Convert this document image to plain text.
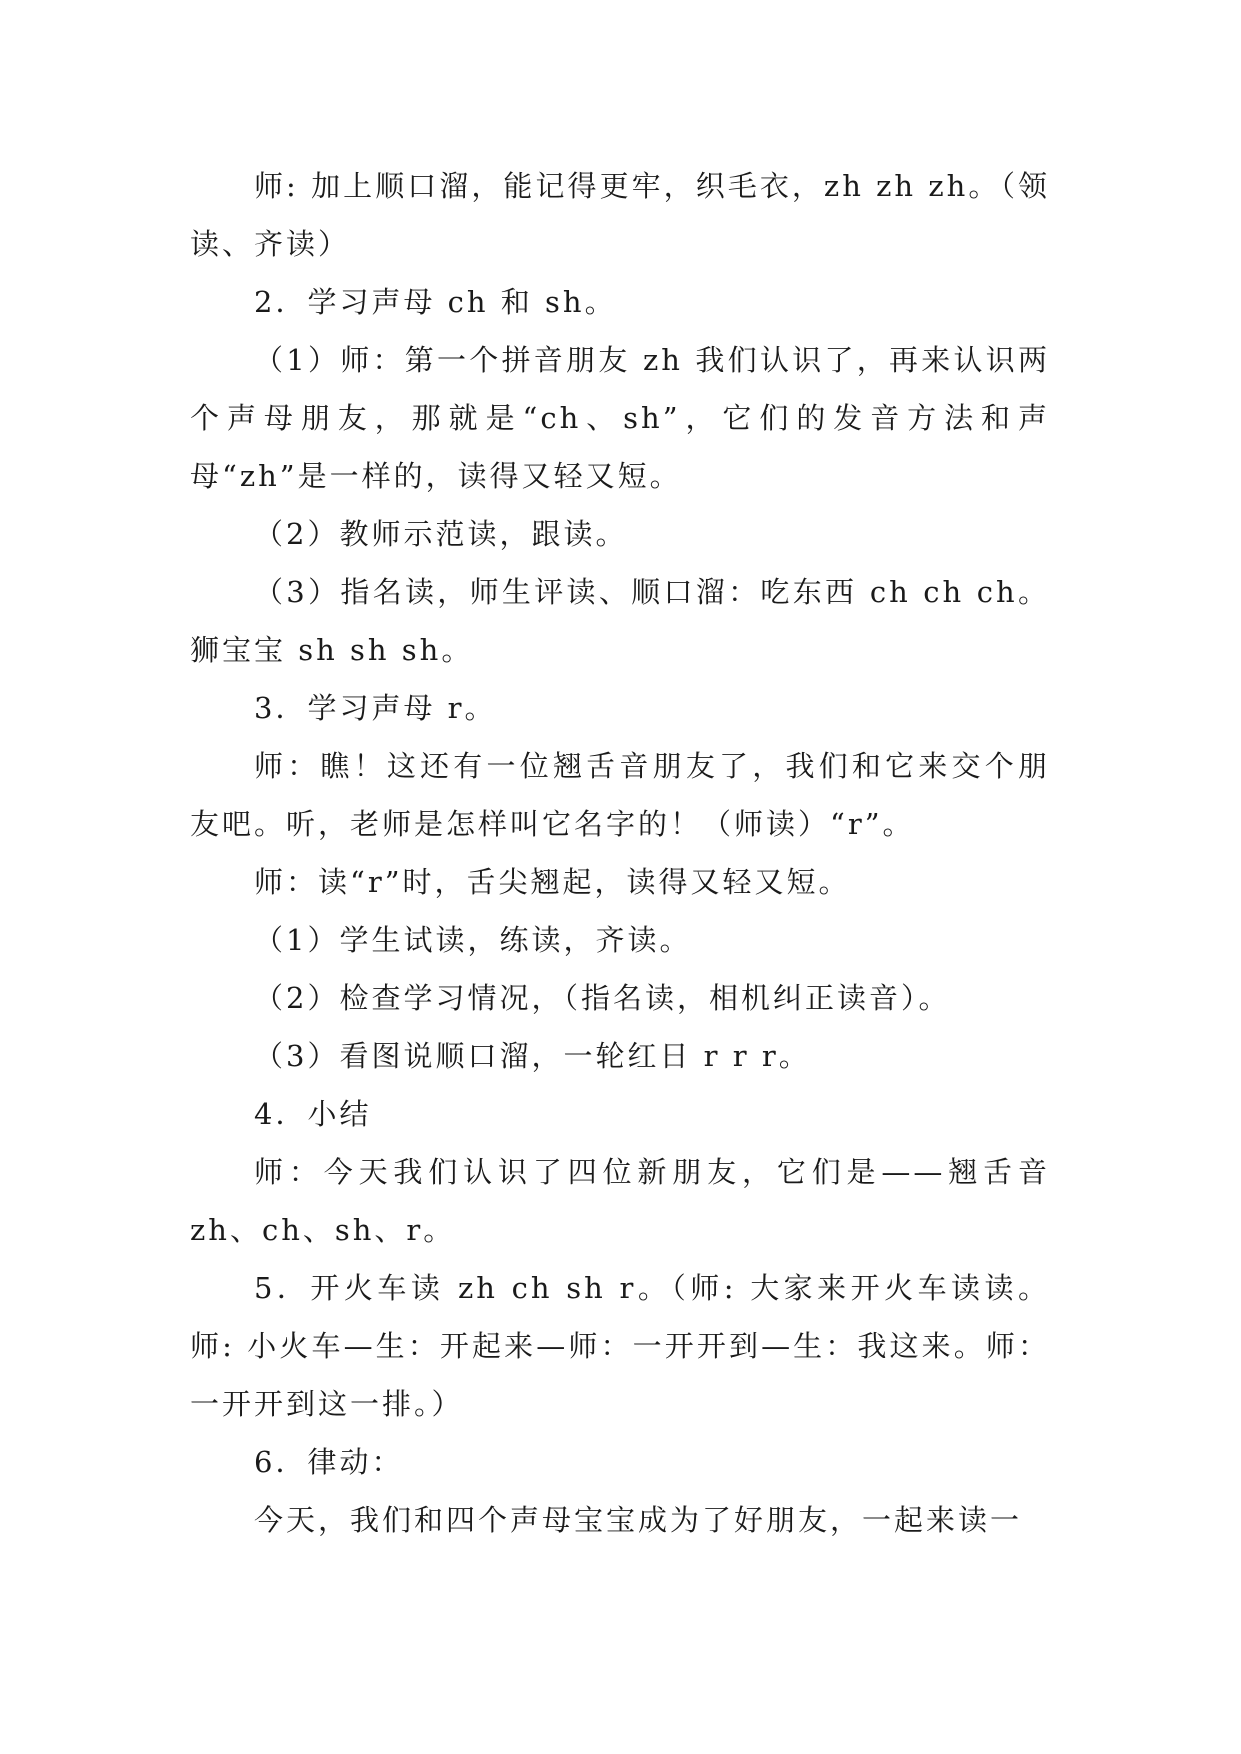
师: 加上顺口溜，能记得更牢，织毛衣，zh zh zh。（领读、齐读）

2．学习声母 ch 和 sh。

（1）师：第一个拼音朋友 zh 我们认识了，再来认识两个声母朋友，那就是“ch、sh”，它们的发音方法和声母“zh”是一样的，读得又轻又短。

（2）教师示范读，跟读。

（3）指名读，师生评读、顺口溜：吃东西 ch ch ch。狮宝宝 sh sh sh。

3．学习声母 r。

师：瞧！这还有一位翘舌音朋友了，我们和它来交个朋友吧。听，老师是怎样叫它名字的！（师读）“r”。

师：读“r”时，舌尖翘起，读得又轻又短。

（1）学生试读，练读，齐读。

（2）检查学习情况，（指名读，相机纠正读音）。

（3）看图说顺口溜，一轮红日 r r r。

4．小结

师：今天我们认识了四位新朋友，它们是——翘舌音 zh、ch、sh、r。

5．开火车读 zh ch sh r。（师: 大家来开火车读读。师: 小火车—生：开起来—师：一开开到—生：我这来。师：一开开到这一排。）

6．律动：

今天，我们和四个声母宝宝成为了好朋友，一起来读一
